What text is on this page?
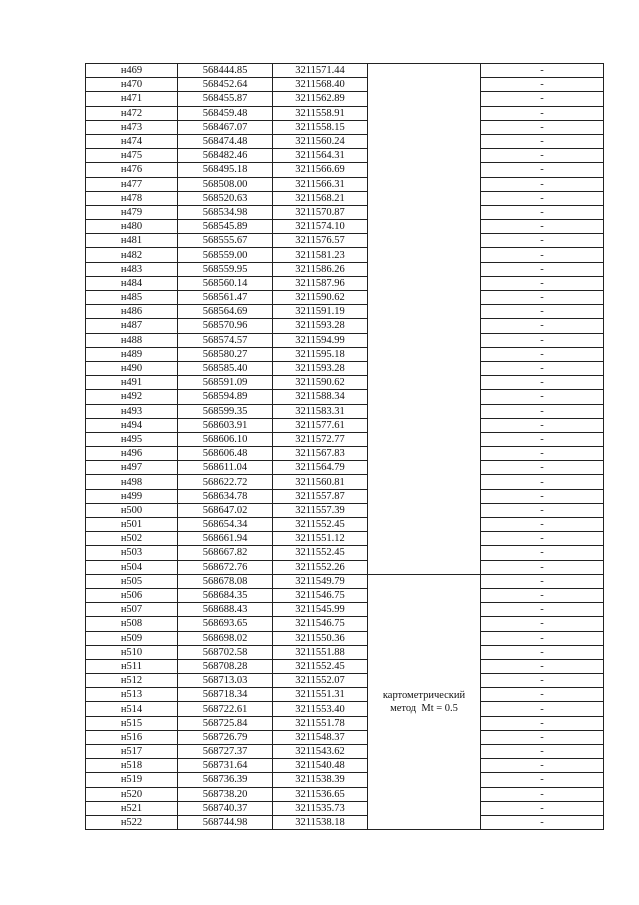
н469	568444.85	3211571.44		-
н470	568452.64	3211568.40		-
н471	568455.87	3211562.89		-
н472	568459.48	3211558.91		-
н473	568467.07	3211558.15		-
н474	568474.48	3211560.24		-
н475	568482.46	3211564.31		-
н476	568495.18	3211566.69		-
н477	568508.00	3211566.31		-
н478	568520.63	3211568.21		-
н479	568534.98	3211570.87		-
н480	568545.89	3211574.10		-
н481	568555.67	3211576.57		-
н482	568559.00	3211581.23		-
н483	568559.95	3211586.26		-
н484	568560.14	3211587.96		-
н485	568561.47	3211590.62		-
н486	568564.69	3211591.19		-
н487	568570.96	3211593.28		-
н488	568574.57	3211594.99		-
н489	568580.27	3211595.18		-
н490	568585.40	3211593.28		-
н491	568591.09	3211590.62		-
н492	568594.89	3211588.34		-
н493	568599.35	3211583.31		-
н494	568603.91	3211577.61		-
н495	568606.10	3211572.77		-
н496	568606.48	3211567.83		-
н497	568611.04	3211564.79		-
н498	568622.72	3211560.81		-
н499	568634.78	3211557.87		-
н500	568647.02	3211557.39		-
н501	568654.34	3211552.45		-
н502	568661.94	3211551.12		-
н503	568667.82	3211552.45		-
н504	568672.76	3211552.26		-
н505	568678.08	3211549.79	картометрический
метод  Mt = 0.5	-
н506	568684.35	3211546.75		-
н507	568688.43	3211545.99		-
н508	568693.65	3211546.75		-
н509	568698.02	3211550.36		-
н510	568702.58	3211551.88		-
н511	568708.28	3211552.45		-
н512	568713.03	3211552.07		-
н513	568718.34	3211551.31		-
н514	568722.61	3211553.40		-
н515	568725.84	3211551.78		-
н516	568726.79	3211548.37		-
н517	568727.37	3211543.62		-
н518	568731.64	3211540.48		-
н519	568736.39	3211538.39		-
н520	568738.20	3211536.65		-
н521	568740.37	3211535.73		-
н522	568744.98	3211538.18		-
